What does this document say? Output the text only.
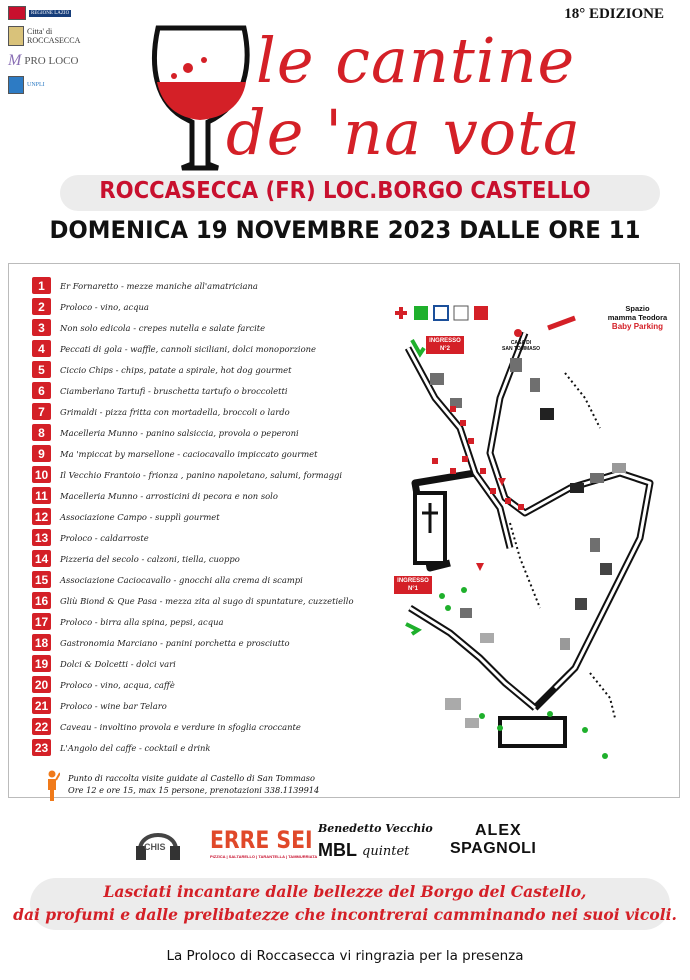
REGIONE LAZIO
Citta' di
ROCCASECCA
M PRO LOCO
UNPLI
18° EDIZIONE
le cantine
de 'na vota
ROCCASECCA (FR) LOC.BORGO CASTELLO
DOMENICA 19 NOVEMBRE 2023 DALLE ORE 11
1	Er Fornaretto - mezze maniche all'amatriciana
2	Proloco - vino, acqua
3	Non solo edicola - crepes nutella e salate farcite
4	Peccati di gola - waffle, cannoli siciliani, dolci monoporzione
5	Ciccio Chips - chips, patate a spirale, hot dog gourmet
6	Ciamberlano Tartufi - bruschetta tartufo o broccoletti
7	Grimaldi - pizza fritta con mortadella, broccoli o lardo
8	Macelleria Munno - panino salsiccia, provola o peperoni
9	Ma 'mpiccat by marsellone - caciocavallo impiccato gourmet
10	Il Vecchio Frantoio - frionza , panino napoletano, salumi, formaggi
11	Macelleria Munno - arrosticini di pecora e non solo
12	Associazione Campo - supplì gourmet
13	Proloco - caldarroste
14	Pizzeria del secolo - calzoni, tiella, cuoppo
15	Associazione Caciocavallo - gnocchi alla crema di scampi
16	Gliù Biond & Que Pasa - mezza zita al sugo di spuntature, cuzzetiello
17	Proloco - birra alla spina, pepsi, acqua
18	Gastronomia Marciano - panini porchetta e prosciutto
19	Dolci & Dolcetti - dolci vari
20	Proloco - vino, acqua, caffè
21	Proloco - wine bar Telaro
22	Caveau - involtino provola e verdure in sfoglia croccante
23	L'Angolo del caffe - cocktail e drink
Punto di raccolta visite guidate al Castello di San Tommaso
Ore 12 e ore 15, max 15 persone, prenotazioni 338.1139914
INGRESSO
N°2
INGRESSO
N°1
CASA DI
SAN TOMMASO
Spazio
mamma Teodora
Baby Parking
CHIS ERRE SEI
PIZZICA | SALTARELLO | TARANTELLA | TAMMURRIATA
Benedetto Vecchio
MBL quintet
ALEX
SPAGNOLI
Lasciati incantare dalle bellezze del Borgo del Castello,
dai profumi e dalle prelibatezze che incontrerai camminando nei suoi vicoli.
La Proloco di Roccasecca vi ringrazia per la presenza
